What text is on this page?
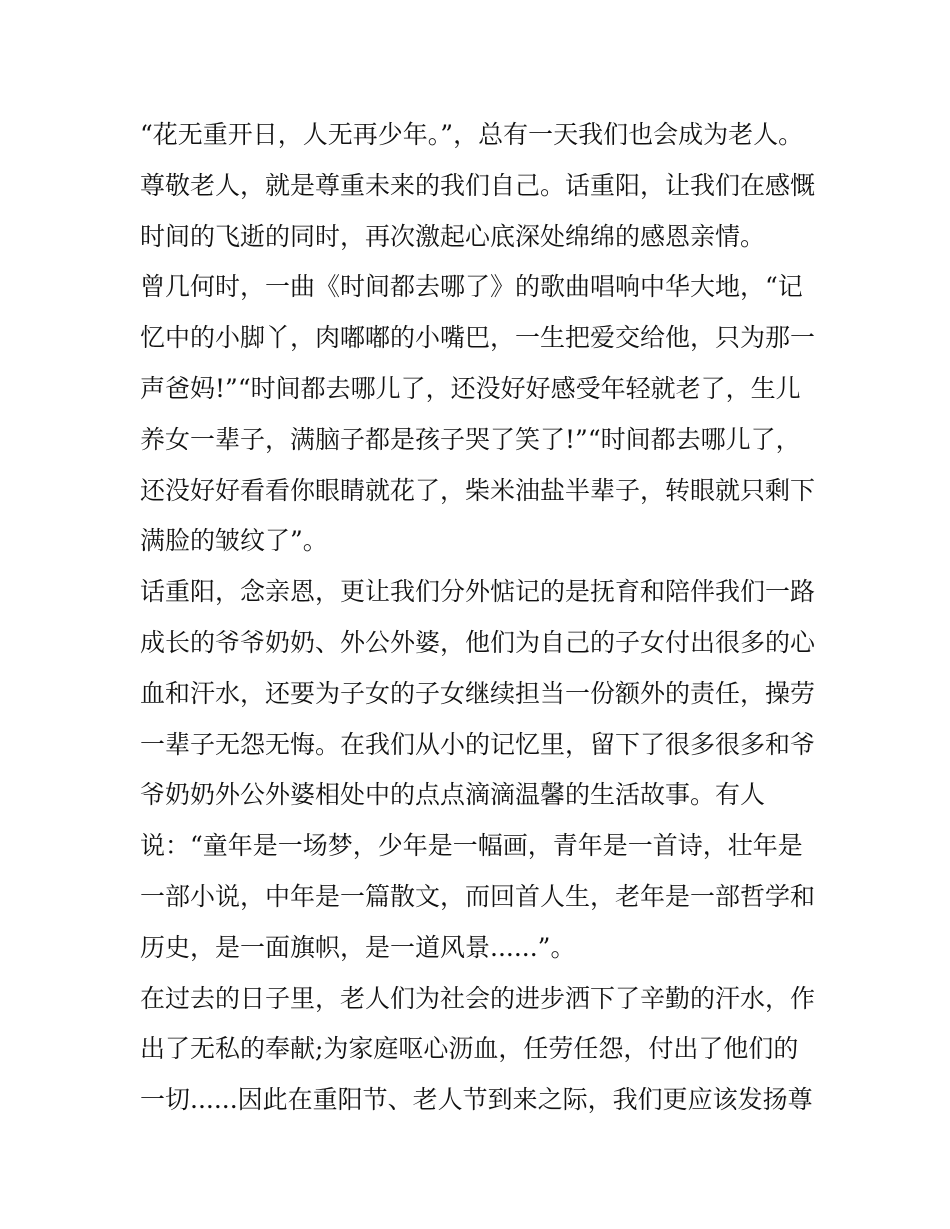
“花无重开日，人无再少年。”，总有一天我们也会成为老人。
尊敬老人，就是尊重未来的我们自己。话重阳，让我们在感慨
时间的飞逝的同时，再次激起心底深处绵绵的感恩亲情。
曾几何时，一曲《时间都去哪了》的歌曲唱响中华大地，“记
忆中的小脚丫，肉嘟嘟的小嘴巴，一生把爱交给他，只为那一
声爸妈!”“时间都去哪儿了，还没好好感受年轻就老了，生儿
养女一辈子，满脑子都是孩子哭了笑了!”“时间都去哪儿了，
还没好好看看你眼睛就花了，柴米油盐半辈子，转眼就只剩下
满脸的皱纹了”。
话重阳，念亲恩，更让我们分外惦记的是抚育和陪伴我们一路
成长的爷爷奶奶、外公外婆，他们为自己的子女付出很多的心
血和汗水，还要为子女的子女继续担当一份额外的责任，操劳
一辈子无怨无悔。在我们从小的记忆里，留下了很多很多和爷
爷奶奶外公外婆相处中的点点滴滴温馨的生活故事。有人
说：“童年是一场梦，少年是一幅画，青年是一首诗，壮年是
一部小说，中年是一篇散文，而回首人生，老年是一部哲学和
历史，是一面旗帜，是一道风景......”。
在过去的日子里，老人们为社会的进步洒下了辛勤的汗水，作
出了无私的奉献;为家庭呕心沥血，任劳任怨，付出了他们的
一切......因此在重阳节、老人节到来之际，我们更应该发扬尊
